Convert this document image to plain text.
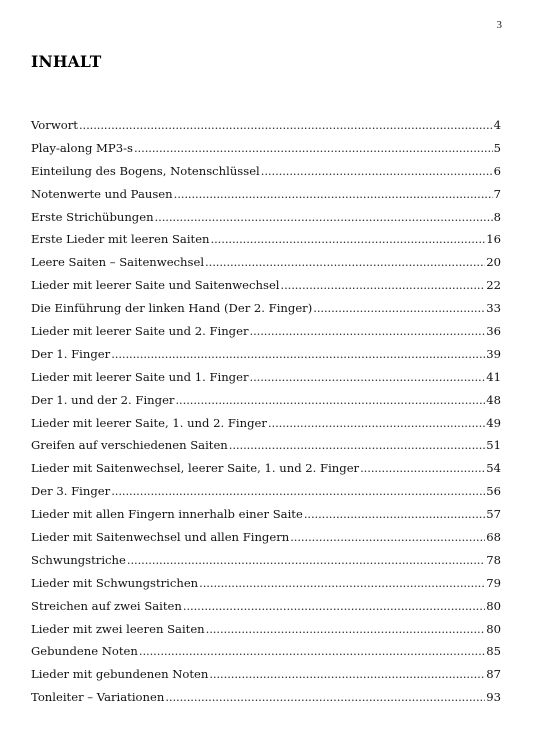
3
INHALT
Vorwort . . .	4
Play-along MP3-s . . .	5
Einteilung des Bogens, Notenschlüssel . . .	6
Notenwerte und Pausen . . .	7
Erste Strichübungen . . .	8
Erste Lieder mit leeren Saiten . . .	16
Leere Saiten – Saitenwechsel . . .	20
Lieder mit leerer Saite und Saitenwechsel . . .	22
Die Einführung der linken Hand (Der 2. Finger) . . .	33
Lieder mit leerer Saite und 2. Finger . . .	36
Der 1. Finger . . .	39
Lieder mit leerer Saite und 1. Finger . . .	41
Der 1. und der 2. Finger . . .	48
Lieder mit leerer Saite, 1. und 2. Finger . . .	49
Greifen auf verschiedenen Saiten . . .	51
Lieder mit Saitenwechsel, leerer Saite, 1. und 2. Finger . . .	54
Der 3. Finger . . .	56
Lieder mit allen Fingern innerhalb einer Saite . . .	57
Lieder mit Saitenwechsel und allen Fingern . . .	68
Schwungstriche . . .	78
Lieder mit Schwungstrichen . . .	79
Streichen auf zwei Saiten . . .	80
Lieder mit zwei leeren Saiten . . .	80
Gebundene Noten . . .	85
Lieder mit gebundenen Noten . . .	87
Tonleiter – Variationen . . .	93
